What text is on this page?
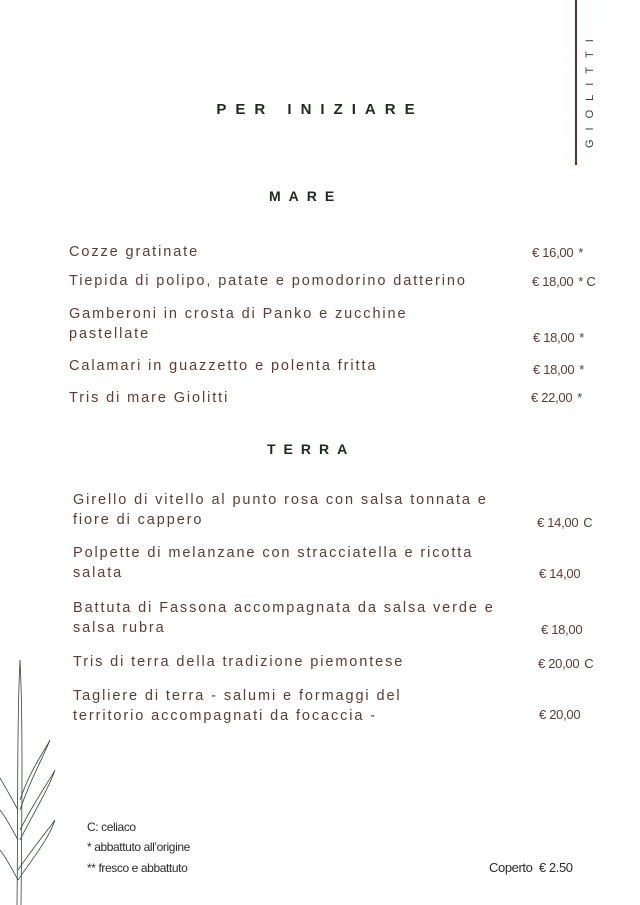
GIOLITTI
PER INIZIARE
MARE
Cozze gratinate	€ 16,00 *
Tiepida di polipo, patate e pomodorino datterino	€ 18,00 * C
Gamberoni in crosta di Panko e zucchine pastellate	€ 18,00 *
Calamari in guazzetto e polenta fritta	€ 18,00 *
Tris di mare Giolitti	€ 22,00 *
TERRA
Girello di vitello al punto rosa con salsa tonnata e fiore di cappero	€ 14,00 C
Polpette di melanzane con stracciatella e ricotta salata	€ 14,00
Battuta di Fassona accompagnata da salsa verde e salsa rubra	€ 18,00
Tris di terra della tradizione piemontese	€ 20,00 C
Tagliere di terra - salumi e formaggi del territorio accompagnati da focaccia -	€ 20,00
C: celiaco
* abbattuto all’origine
** fresco e abbattuto	Coperto  € 2.50
